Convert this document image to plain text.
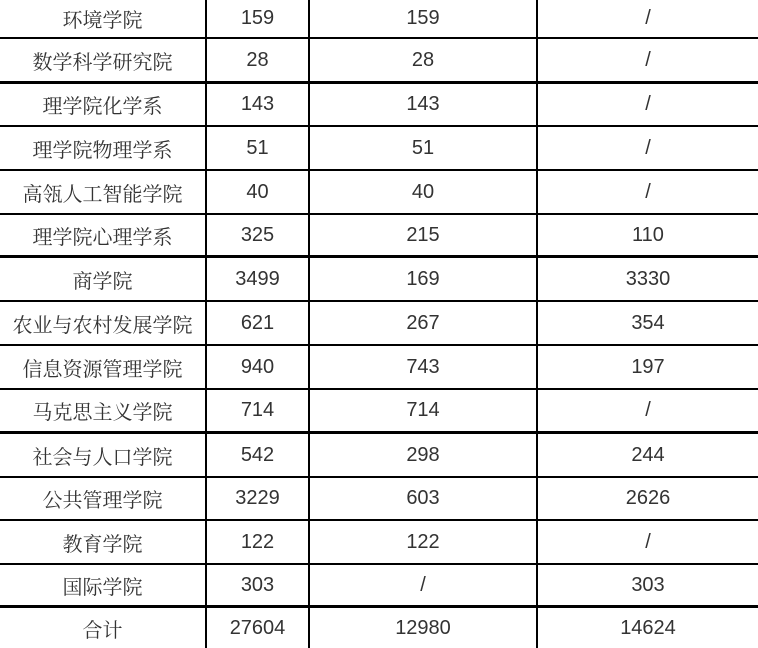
环境学院	159	159	/
数学科学研究院	28	28	/
理学院化学系	143	143	/
理学院物理学系	51	51	/
高瓴人工智能学院	40	40	/
理学院心理学系	325	215	110
商学院	3499	169	3330
农业与农村发展学院	621	267	354
信息资源管理学院	940	743	197
马克思主义学院	714	714	/
社会与人口学院	542	298	244
公共管理学院	3229	603	2626
教育学院	122	122	/
国际学院	303	/	303
合计	27604	12980	14624
